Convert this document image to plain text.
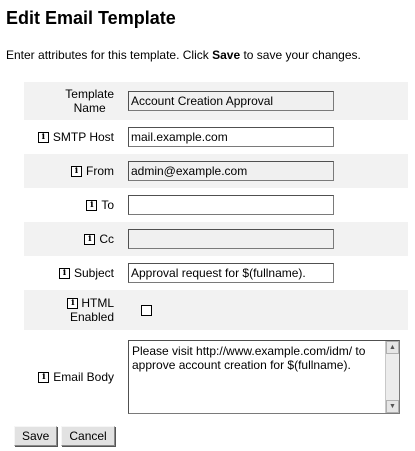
Edit Email Template

Enter attributes for this template. Click Save to save your changes.

Template
Name Account Creation Approval
i SMTP Host mail.example.com
i From admin@example.com
i To
i Cc
i Subject Approval request for $(fullname).
i HTML
Enabled
i Email Body
Please visit http://www.example.com/idm/ to
approve account creation for $(fullname).
▲
▼
Save	Cancel
